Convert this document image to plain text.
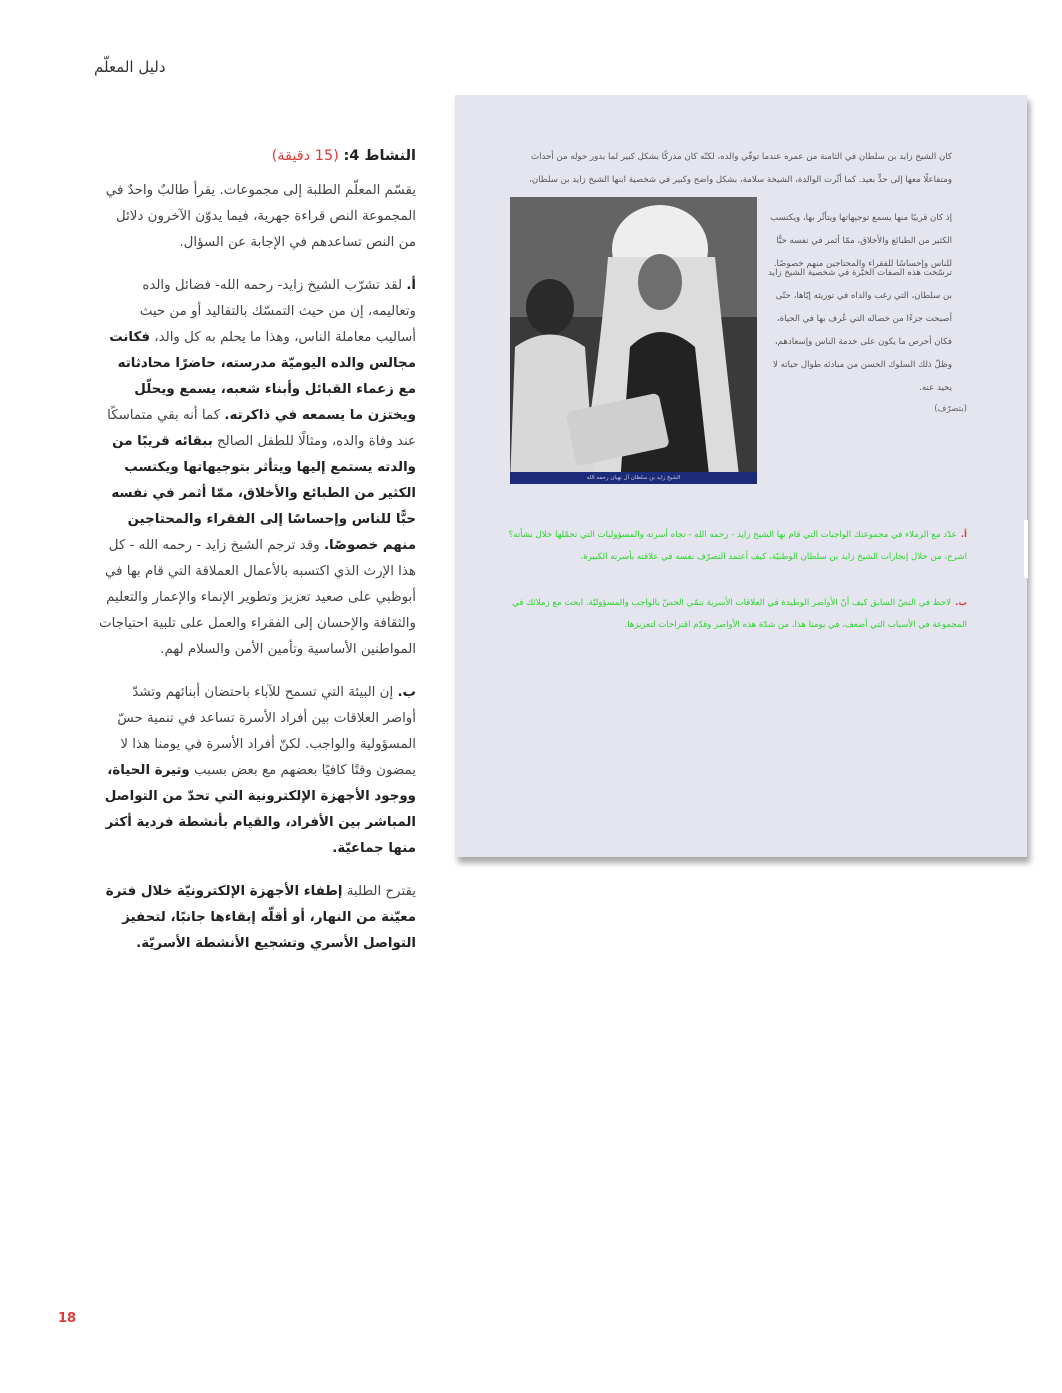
دليل المعلّم

النشاط 4: (15 دقيقة)

يقسّم المعلّم الطلبة إلى مجموعات. يقرأ طالبٌ واحدٌ في المجموعة النص قراءة جهرية، فيما يدوّن الآخرون دلائل من النص تساعدهم في الإجابة عن السؤال.

أ. لقد تشرّب الشيخ زايد- رحمه الله- فضائل والده وتعاليمه، إن من حيث التمسّك بالتقاليد أو من حيث أساليب معاملة الناس، وهذا ما يحلم به كل والد، فكانت مجالس والده اليوميّة مدرسته، حاضرًا محادثاته مع زعماء القبائل وأبناء شعبه، يسمع ويحلّل ويختزن ما يسمعه في ذاكرته. كما أنه بقي متماسكًا عند وفاة والده، ومثالًا للطفل الصالح ببقائه قريبًا من والدته يستمع إليها ويتأثر بتوجيهاتها ويكتسب الكثير من الطبائع والأخلاق، ممّا أثمر في نفسه حبًّا للناس وإحساسًا إلى الفقراء والمحتاجين منهم خصوصًا. وقد ترجم الشيخ زايد - رحمه الله - كل هذا الإرث الذي اكتسبه بالأعمال العملاقة التي قام بها في أبوظبي على صعيد تعزيز وتطوير الإنماء والإعمار والتعليم والثقافة والإحسان إلى الفقراء والعمل على تلبية احتياجات المواطنين الأساسية وتأمين الأمن والسلام لهم.

ب. إن البيئة التي تسمح للآباء باحتضان أبنائهم وتشدّ أواصر العلاقات بين أفراد الأسرة تساعد في تنمية حسّ المسؤولية والواجب. لكنّ أفراد الأسرة في يومنا هذا لا يمضون وقتًا كافيًا بعضهم مع بعض بسبب وتيرة الحياة، ووجود الأجهزة الإلكترونية التي تحدّ من التواصل المباشر بين الأفراد، والقيام بأنشطة فردية أكثر منها جماعيّة.

يقترح الطلبة إطفاء الأجهزة الإلكترونيّة خلال فترة معيّنة من النهار، أو أقلّه إبقاءها جانبًا، لتحفيز التواصل الأسري وتشجيع الأنشطة الأسريّة.

18
كان الشيخ زايد بن سلطان في الثامنة من عمره عندما توفّي والده، لكنّه كان مدركًا بشكل كبير لما يدور حوله من أحداث ومتفاعلًا معها إلى حدٍّ بعيد. كما أثّرت الوالدة، الشيخة سلامة، بشكل واضح وكبير في شخصية ابنها الشيخ زايد بن سلطان،
إذ كان قريبًا منها يسمع توجيهاتها ويتأثّر بها، ويكتسب الكثير من الطبائع والأخلاق، ممّا أثمر في نفسه حبًّا للناس وإحساسًا للفقراء والمحتاجين منهم خصوصًا.
ترسّخت هذه الصفات الخيّرة في شخصية الشيخ زايد بن سلطان، التي رغب والداه في توريثه إيّاها، حتّى أصبحت جزءًا من خصاله التي عُرف بها في الحياة، فكان أحرص ما يكون على خدمة الناس وإسعادهم، وظلّ ذلك السلوك الحسن من مبادئه طوال حياته لا يحيد عنه.
(بتصرّف)
الشيخ زايد بن سلطان آل نهيان رحمه الله
أ.عدّد مع الزملاء في مجموعتك الواجبات التي قام بها الشيخ زايد - رحمه الله - تجاه أسرته والمسؤوليات التي تحمّلها خلال نشأته؟ اشرح، من خلال إنجازات الشيخ زايد بن سلطان الوطنيّة، كيف أعتمد التصرّف نفسه في علاقته بأسرته الكبيرة.
ب.لاحظ في النصّ السابق كيف أنّ الأواصر الوطيدة في العلاقات الأسرية تنمّي الحسّ بالواجب والمسؤوليّة. ابحث مع زملائك في المجموعة في الأسباب التي أضعف، في يومنا هذا، من شدّة هذه الأواصر وقدّم اقتراحات لتعزيزها.
